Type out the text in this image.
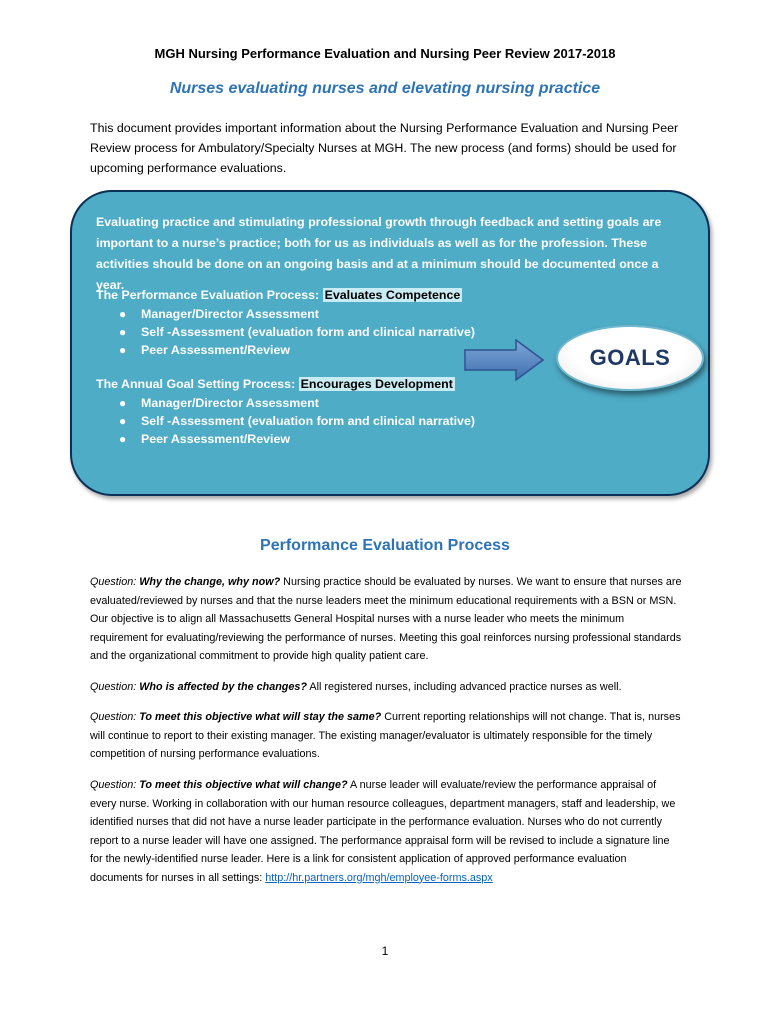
MGH Nursing Performance Evaluation and Nursing Peer Review 2017-2018
Nurses evaluating nurses and elevating nursing practice
This document provides important information about the Nursing Performance Evaluation and Nursing Peer Review process for Ambulatory/Specialty Nurses at MGH. The new process (and forms) should be used for upcoming performance evaluations.
Evaluating practice and stimulating professional growth through feedback and setting goals are important to a nurse’s practice; both for us as individuals as well as for the profession. These activities should be done on an ongoing basis and at a minimum should be documented once a year.
The Performance Evaluation Process: Evaluates Competence
● Manager/Director Assessment
● Self -Assessment (evaluation form and clinical narrative)
● Peer Assessment/Review	GOALS
The Annual Goal Setting Process: Encourages Development
● Manager/Director Assessment
● Self -Assessment (evaluation form and clinical narrative)
● Peer Assessment/Review
Performance Evaluation Process
Question: Why the change, why now? Nursing practice should be evaluated by nurses. We want to ensure that nurses are evaluated/reviewed by nurses and that the nurse leaders meet the minimum educational requirements with a BSN or MSN. Our objective is to align all Massachusetts General Hospital nurses with a nurse leader who meets the minimum requirement for evaluating/reviewing the performance of nurses. Meeting this goal reinforces nursing professional standards and the organizational commitment to provide high quality patient care.
Question: Who is affected by the changes? All registered nurses, including advanced practice nurses as well.
Question: To meet this objective what will stay the same? Current reporting relationships will not change. That is, nurses will continue to report to their existing manager. The existing manager/evaluator is ultimately responsible for the timely competition of nursing performance evaluations.
Question: To meet this objective what will change? A nurse leader will evaluate/review the performance appraisal of every nurse. Working in collaboration with our human resource colleagues, department managers, staff and leadership, we identified nurses that did not have a nurse leader participate in the performance evaluation. Nurses who do not currently report to a nurse leader will have one assigned. The performance appraisal form will be revised to include a signature line for the newly-identified nurse leader. Here is a link for consistent application of approved performance evaluation documents for nurses in all settings: http://hr.partners.org/mgh/employee-forms.aspx
1
